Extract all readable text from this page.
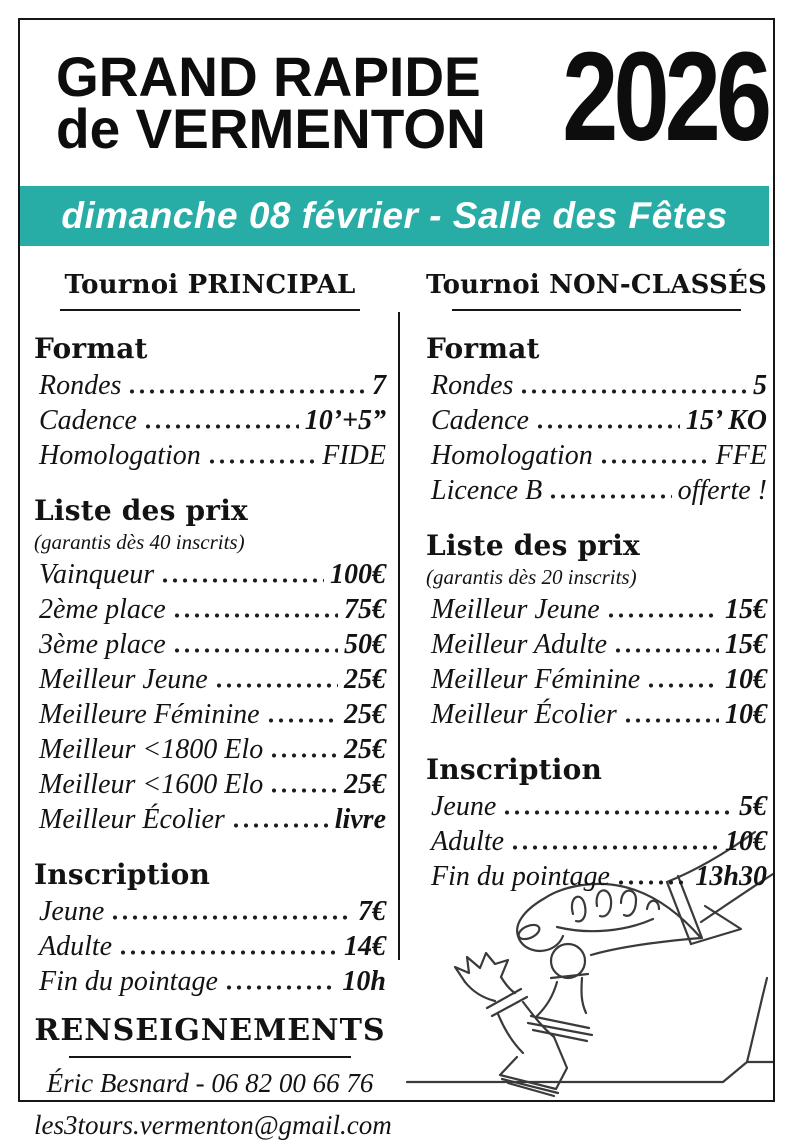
GRAND RAPIDE
de VERMENTON 2026
dimanche 08 février - Salle des Fêtes
Tournoi PRINCIPAL
Format
Rondes	7
Cadence	10’+5”
Homologation	FIDE
Liste des prix
(garantis dès 40 inscrits)
Vainqueur	100€
2ème place	75€
3ème place	50€
Meilleur Jeune	25€
Meilleure Féminine	25€
Meilleur <1800 Elo	25€
Meilleur <1600 Elo	25€
Meilleur Écolier	livre
Inscription
Jeune	7€
Adulte	14€
Fin du pointage	10h
RENSEIGNEMENTS
Éric Besnard - 06 82 00 66 76
les3tours.vermenton@gmail.com
Tournoi NON-CLASSÉS
Format
Rondes	5
Cadence	15’ KO
Homologation	FFE
Licence B	offerte !
Liste des prix
(garantis dès 20 inscrits)
Meilleur Jeune	15€
Meilleur Adulte	15€
Meilleur Féminine	10€
Meilleur Écolier	10€
Inscription
Jeune	5€
Adulte	10€
Fin du pointage	13h30
